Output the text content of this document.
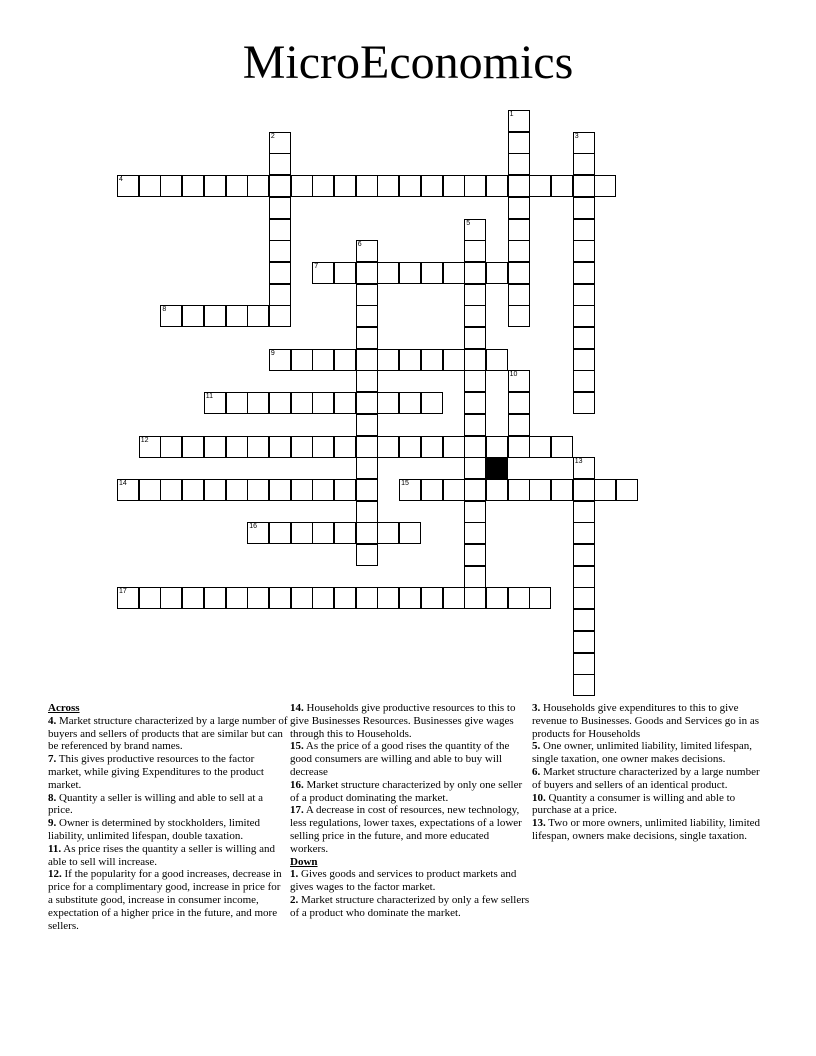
MicroEconomics
4
7
8
9
11
12
14	15
16
17
1
2	3
5
6
10
13
Across

4. Market structure characterized by a large number of buyers and sellers of products that are similar but can be referenced by brand names.

7. This gives productive resources to the factor market, while giving Expenditures to the product market.

8. Quantity a seller is willing and able to sell at a price.

9. Owner is determined by stockholders, limited liability, unlimited lifespan, double taxation.

11. As price rises the quantity a seller is willing and able to sell will increase.

12. If the popularity for a good increases, decrease in price for a complimentary good, increase in price for a substitute good, increase in consumer income, expectation of a higher price in the future, and more sellers.

14. Households give productive resources to this to give Businesses Resources. Businesses give wages through this to Households.

15. As the price of a good rises the quantity of the good consumers are willing and able to buy will decrease

16. Market structure characterized by only one seller of a product dominating the market.

17. A decrease in cost of resources, new technology, less regulations, lower taxes, expectations of a lower selling price in the future, and more educated workers.

Down

1. Gives goods and services to product markets and gives wages to the factor market.

2. Market structure characterized by only a few sellers of a product who dominate the market.

3. Households give expenditures to this to give revenue to Businesses. Goods and Services go in as products for Households

5. One owner, unlimited liability, limited lifespan, single taxation, one owner makes decisions.

6. Market structure characterized by a large number of buyers and sellers of an identical product.

10. Quantity a consumer is willing and able to purchase at a price.

13. Two or more owners, unlimited liability, limited lifespan, owners make decisions, single taxation.
